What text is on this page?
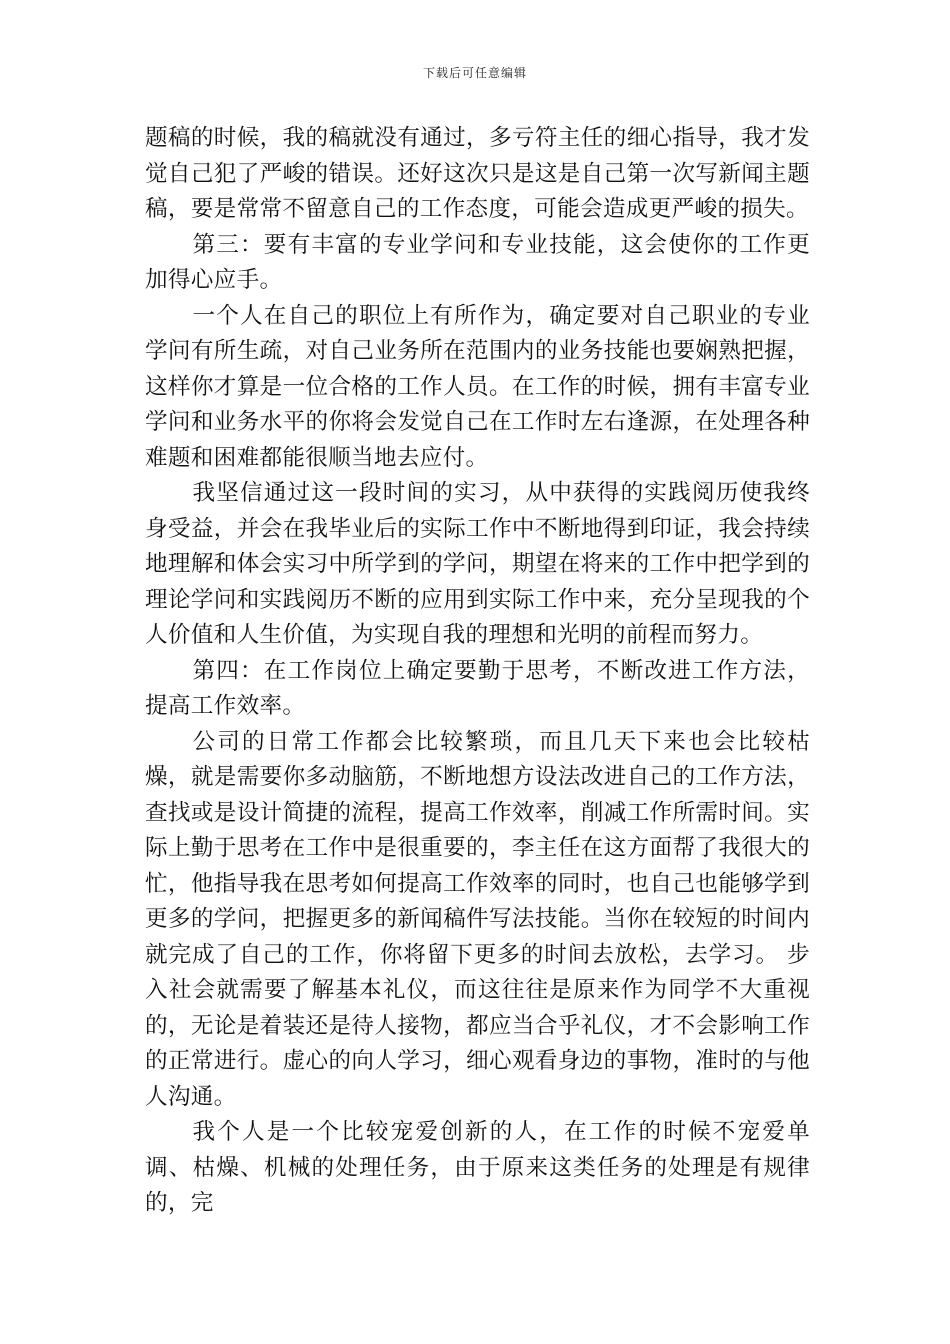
下载后可任意编辑

题稿的时候，我的稿就没有通过，多亏符主任的细心指导，我才发觉自己犯了严峻的错误。还好这次只是这是自己第一次写新闻主题稿，要是常常不留意自己的工作态度，可能会造成更严峻的损失。

第三：要有丰富的专业学问和专业技能，这会使你的工作更加得心应手。

一个人在自己的职位上有所作为，确定要对自己职业的专业学问有所生疏，对自己业务所在范围内的业务技能也要娴熟把握，这样你才算是一位合格的工作人员。在工作的时候，拥有丰富专业学问和业务水平的你将会发觉自己在工作时左右逢源，在处理各种难题和困难都能很顺当地去应付。

我坚信通过这一段时间的实习，从中获得的实践阅历使我终身受益，并会在我毕业后的实际工作中不断地得到印证，我会持续地理解和体会实习中所学到的学问，期望在将来的工作中把学到的理论学问和实践阅历不断的应用到实际工作中来，充分呈现我的个人价值和人生价值，为实现自我的理想和光明的前程而努力。

第四：在工作岗位上确定要勤于思考，不断改进工作方法，提高工作效率。

公司的日常工作都会比较繁琐，而且几天下来也会比较枯燥，就是需要你多动脑筋，不断地想方设法改进自己的工作方法，查找或是设计简捷的流程，提高工作效率，削减工作所需时间。实际上勤于思考在工作中是很重要的，李主任在这方面帮了我很大的忙，他指导我在思考如何提高工作效率的同时，也自己也能够学到更多的学问，把握更多的新闻稿件写法技能。当你在较短的时间内就完成了自己的工作，你将留下更多的时间去放松，去学习。 步入社会就需要了解基本礼仪，而这往往是原来作为同学不大重视的，无论是着装还是待人接物，都应当合乎礼仪，才不会影响工作的正常进行。虚心的向人学习，细心观看身边的事物，准时的与他人沟通。

我个人是一个比较宠爱创新的人，在工作的时候不宠爱单调、枯燥、机械的处理任务，由于原来这类任务的处理是有规律的，完
